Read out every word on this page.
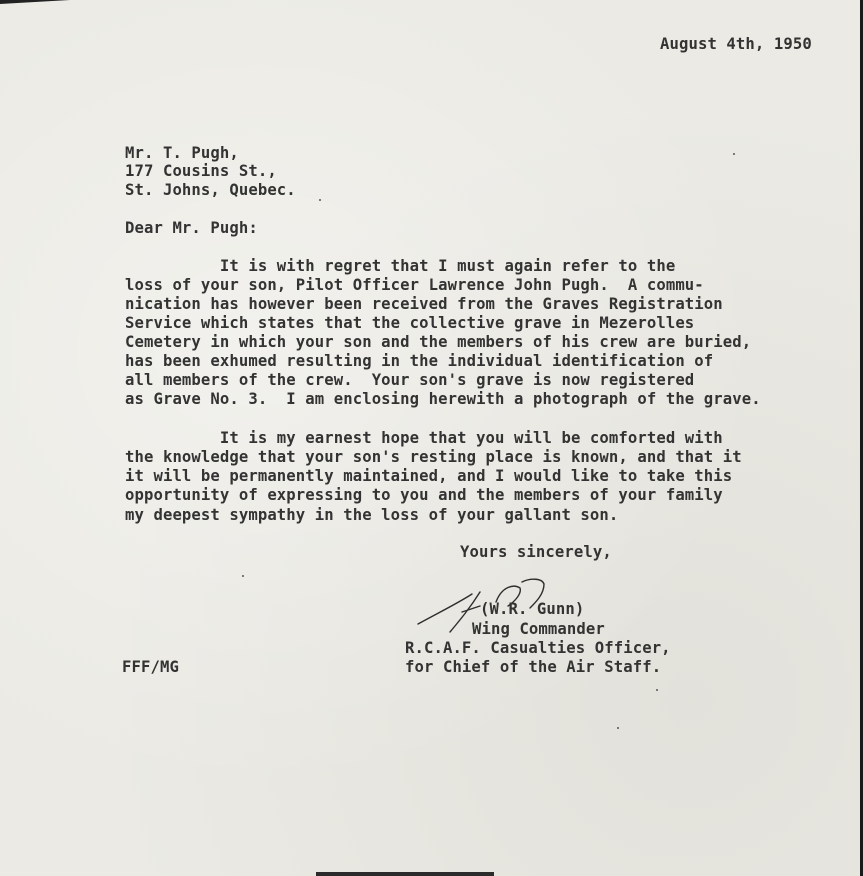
August 4th, 1950
Mr. T. Pugh,
177 Cousins St.,
St. Johns, Quebec.
Dear Mr. Pugh:
It is with regret that I must again refer to the
loss of your son, Pilot Officer Lawrence John Pugh.  A commu-
nication has however been received from the Graves Registration
Service which states that the collective grave in Mezerolles
Cemetery in which your son and the members of his crew are buried,
has been exhumed resulting in the individual identification of
all members of the crew.  Your son's grave is now registered
as Grave No. 3.  I am enclosing herewith a photograph of the grave.
It is my earnest hope that you will be comforted with
the knowledge that your son's resting place is known, and that it
it will be permanently maintained, and I would like to take this
opportunity of expressing to you and the members of your family
my deepest sympathy in the loss of your gallant son.
Yours sincerely,
(W.R. Gunn)
Wing Commander
R.C.A.F. Casualties Officer,
for Chief of the Air Staff.
FFF/MG
